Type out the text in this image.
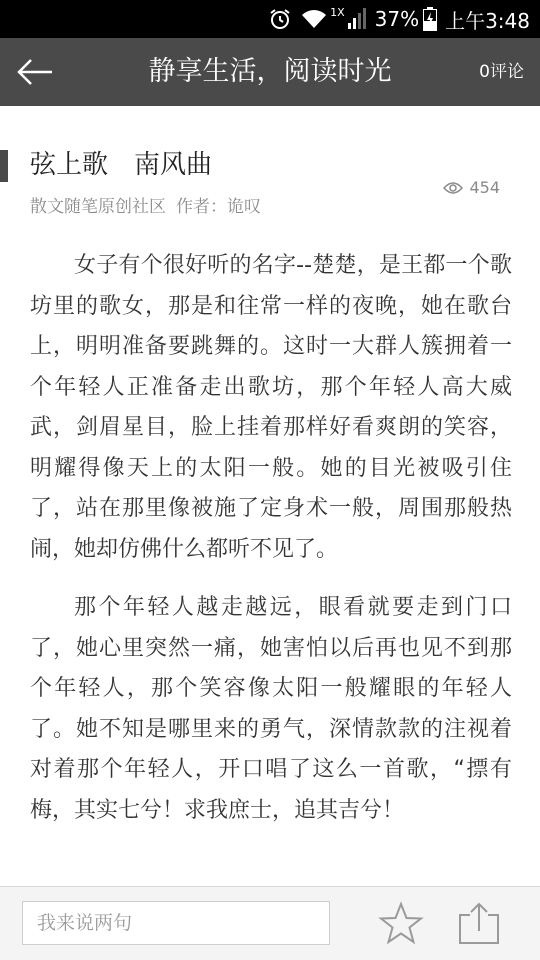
1X 37% 上午3:48
静享生活，阅读时光	0评论
弦上歌　南风曲
散文随笔原创社区 作者：诡叹
454

女子有个很好听的名字--楚楚，是王都一个歌坊里的歌女，那是和往常一样的夜晚，她在歌台上，明明准备要跳舞的。这时一大群人簇拥着一个年轻人正准备走出歌坊，那个年轻人高大威武，剑眉星目，脸上挂着那样好看爽朗的笑容，明耀得像天上的太阳一般。她的目光被吸引住了，站在那里像被施了定身术一般，周围那般热闹，她却仿佛什么都听不见了。

那个年轻人越走越远，眼看就要走到门口了，她心里突然一痛，她害怕以后再也见不到那个年轻人，那个笑容像太阳一般耀眼的年轻人了。她不知是哪里来的勇气，深情款款的注视着对着那个年轻人，开口唱了这么一首歌，“摽有梅，其实七兮！求我庶士，追其吉兮！

我来说两句
